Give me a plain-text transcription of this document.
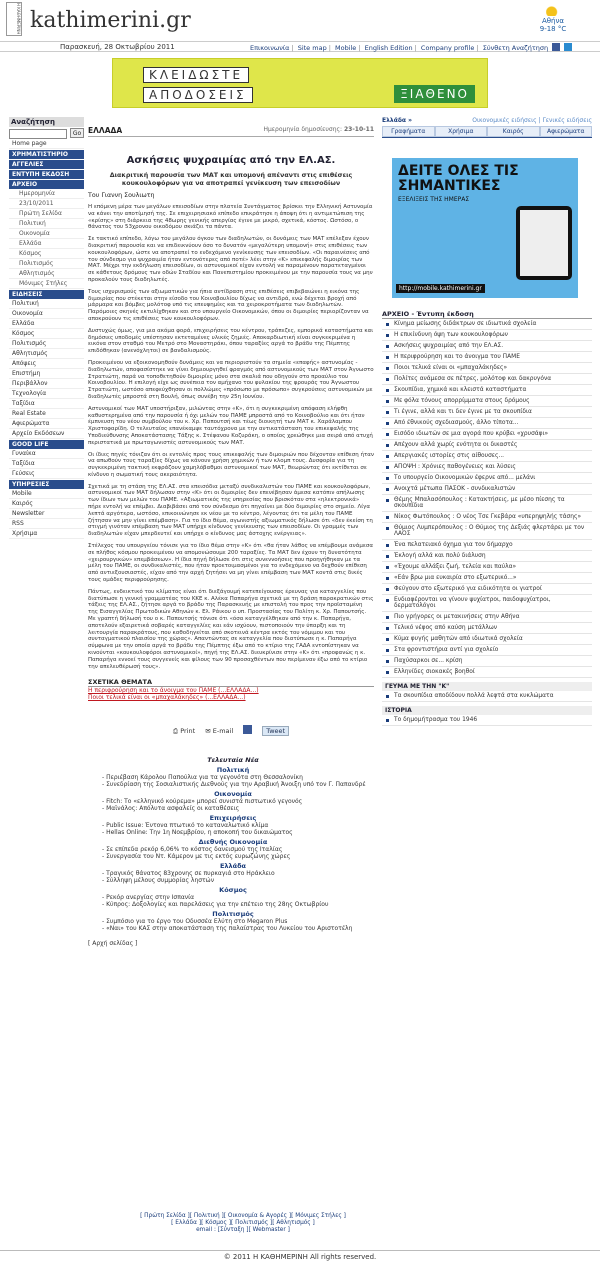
Η ΚΑΘΗΜΕΡΙΝΗ kathimerini.gr	Αθήνα
9-18 °C
Παρασκευή, 28 Οκτωβρίου 2011	Επικοινωνία | Site map | Mobile | English Edition | Company profile | Σύνθετη Αναζήτηση
ΚΛΕΙΔΩΣΤΕ
ΑΠΟΔΟΣΕΙΣ	ΞΙΑΘΕΝΟ
Αναζήτηση
Go
Home page
ΧΡΗΜΑΤΙΣΤΗΡΙΟ
ΑΓΓΕΛΙΕΣ
ΕΝΤΥΠΗ ΕΚΔΟΣΗ
ΑΡΧΕΙΟ
Ημερομηνία
23/10/2011
Πρώτη Σελίδα
Πολιτική
Οικονομία
Ελλάδα
Κόσμος
Πολιτισμός
Αθλητισμός
Μόνιμες Στήλες
ΕΙΔΗΣΕΙΣ
Πολιτική
Οικονομία
Ελλάδα
Κόσμος
Πολιτισμός
Αθλητισμός
Απόψεις
Επιστήμη
Περιβάλλον
Τεχνολογία
Ταξίδια
Real Estate
Αφιερώματα
Αρχείο Εκδόσεων
GOOD LIFE
Γυναίκα
Ταξίδια
Γεύσεις
ΥΠΗΡΕΣΙΕΣ
Mobile
Καιρός
Newsletter
RSS
Χρήσιμα
ΕΛΛΑΔΑ	Ημερομηνία δημοσίευσης: 23-10-11
Ασκήσεις ψυχραιμίας από την ΕΛ.ΑΣ.
Διακριτική παρουσία των ΜΑΤ και υπομονή απέναντι στις επιθέσεις κουκουλοφόρων για να αποτραπεί γενίκευση των επεισοδίων
Του Γιαννη Σουλιωτη

Η επόμενη μέρα των μεγάλων επεισοδίων στην πλατεία Συντάγματος βρίσκει την Ελληνική Αστυνομία να κάνει την αποτίμησή της. Σε επιχειρησιακό επίπεδο επικράτησε η άποψη ότι η αντιμετώπιση της «κρίσης» στη διάρκεια της 48ωρης γενικής απεργίας έγινε με μικρό, σχετικά, κόστος. Ωστόσο, ο θάνατος του 53χρονου οικοδόμου σκιάζει τα πάντα.

Σε τακτικό επίπεδο, λόγω του μεγάλου όγκου των διαδηλωτών, οι δυνάμεις των ΜΑΤ επέλεξαν έχουν διακριτική παρουσία και να επιδεικνύουν όσο το δυνατόν «μεγαλύτερη υπομονή» στις επιθέσεις των κουκουλοφόρων, ώστε να αποτραπεί το ενδεχόμενο γενίκευσης των επεισοδίων. «Οι παραινέσεις από τον σύνδεσμο για ψυχραιμία ήταν εντονότερες από ποτέ» λέει στην «Κ» επικεφαλής διμοιρίας των ΜΑΤ. Μέχρι την εκδήλωση επεισοδίων, οι αστυνομικοί είχαν εντολή να παραμένουν παρατεταγμένοι σε κάθετους δρόμους των οδών Σταδίου και Πανεπιστημίου προκειμένου με την παρουσία τους να μην προκαλούν τους διαδηλωτές.

Τους ισχυρισμούς των αξιωματικών για ήπια αντίδραση στις επιθέσεις επιβεβαιώνει η εικόνα της διμοιρίας που στέκεται στην είσοδο του Κοινοβουλίου δίχως να αντιδρά, ενώ δέχεται βροχή από μάρμαρα και βόμβες μολότοφ υπό τις επευφημίες και τα χειροκροτήματα των διαδηλωτών. Παρόμοιες σκηνές εκτυλίχθηκαν και στο υπουργείο Οικονομικών, όπου οι διμοιρίες περιορίζονταν να αποκρούουν τις επιθέσεις των κουκουλοφόρων.

Δυστυχώς όμως, για μια ακόμα φορά, επιχειρήσεις του κέντρου, τράπεζες, εμπορικά καταστήματα και δημόσιες υποδομές υπέστησαν εκτεταμένες υλικές ζημιές. Αποκαρδιωτική είναι συγκεκριμένα η εικόνα στον σταθμό του Μετρό στο Μοναστηράκι, όπου ταραξίες αργά το βράδυ της Πέμπτης επιδόθηκαν (ανενόχλητοι) σε βανδαλισμούς.

Προκειμένου να εξοικονομηθούν δυνάμεις και να περιοριστούν τα σημεία «επαφής» αστυνομίας - διαδηλωτών, αποφασίστηκε να γίνει δημιουργηθεί φραγμός από αστυνομικούς των ΜΑΤ στον Άγνωστο Στρατιώτη, παρά να τοποθετηθούν διμοιρίες μόνο στα σκαλιά που οδηγούν στο προαύλιο του Κοινοβουλίου. Η επιλογή είχε ως συνέπεια τον αμήχανο του φυλακίου της φρουράς του Άγνωστου Στρατιώτη, ωστόσο απεφεύχθησαν οι πολλώμες «πρόσωπο με πρόσωπο» συγκρούσεις αστυνομικών με διαδηλωτές μπροστά στη Βουλή, όπως συνέβη την 25η Ιουνίου.

Αστυνομικοί των ΜΑΤ υποστήριξαν, μιλώντας στην «Κ», ότι η συγκεκριμένη απόφαση ελήφθη καθυστερημένα από την παρουσία ή όχι μελών του ΠΑΜΕ μπροστά από το Κοινοβούλιο και ότι ήταν έμπνευση του νέου συμβούλου του κ. Χρ. Παπουτσή και τέως διοικητή των ΜΑΤ κ. Χαράλαμπου Χριστοφαρίδη. Ο τελευταίος επανέκαμψε ταυτόχρονα με την αντικατάσταση του επικεφαλής της Υποδιεύθυνσης Αποκατάστασης Τάξης κ. Στέφανου Κοζυράκη, ο οποίος χρεώθηκε μια σειρά από ατυχή περιστατικά με πρωταγωνιστές αστυνομικούς των ΜΑΤ.

Οι ίδιες πηγές τόνιζαν ότι οι εντολές προς τους επικεφαλής των διμοιριών που δέχονταν επίθεση ήταν να απωθούν τους ταραξίες δίχως να κάνουν χρήση χημικών ή των κλομπ τους. Δυσφορία για τη συγκεκριμένη τακτική εκφράζουν χαμηλόβαθμοι αστυνομικοί των ΜΑΤ, θεωρώντας ότι εκτίθεται σε κίνδυνο η σωματική τους ακεραιότητα.

Σχετικά με τη στάση της ΕΛ.ΑΣ. στα επεισόδια μεταξύ συνδικαλιστών του ΠΑΜΕ και κουκουλοφόρων, αστυνομικοί των ΜΑΤ δήλωσαν στην «Κ» ότι οι διμοιρίες δεν επενέβησαν άμεσα κατόπιν απήλωσης των ίδιων των μελών του ΠΑΜΕ. «Αξιωματικός της υπηρεσίας που βρισκόταν στα «ηλεκτρονικά» πήρε εντολή να επέμβει. Διαβιβάσει από τον σύνδεσμο ότι πηγαίνει με δύο διμοιρίες στο σημείο. Λίγα λεπτά αργότερα, ωστόσο, επικοινώνησε εκ νέου με το κέντρο, λέγοντας ότι τα μέλη του ΠΑΜΕ ζήτησαν να μην γίνει επέμβαση». Για το ίδιο θέμα, αγωνιστής αξιωματικός δήλωσε ότι «δεν έκείση τη στιγμή γινόταν επέμβαση των ΜΑΤ υπήρχε κίνδυνος γενίκευσης των επεισοδίων. Οι γραμμές των διαδηλωτών είχαν μπερδευτεί και υπήρχε ο κίνδυνος μας άστοχης ενέργειας».

Στέλεχος του υπουργείου τόνισε για το ίδιο θέμα στην «Κ» ότι «θα ήταν λάθος να επέμβουμε ανάμεσα σε πλήθος κόσμου προκειμένου να απομονώσουμε 200 ταραξίες. Τα ΜΑΤ δεν έχουν τη δυνατότητα «χειρουργικών» επεμβάσεων». Η ίδια πηγή δήλωσε ότι στις συνεννοήσεις που προηγήθηκαν με τα μέλη του ΠΑΜΕ, οι συνδικαλιστές, που ήταν προετοιμασμένοι για το ενδεχόμενο να δεχθούν επίθεση από αντιεξουσιαστές, είχαν από την αρχή ζητήσει να μη γίνει επέμβαση των ΜΑΤ κοντά στις δικές τους ομάδες περιφρούρησης.

Πάντως, ενδεικτικό του κλίματος είναι ότι διεξάγουμή κατεπείγουσας έρευνας για καταγγελίες που διατύπωσε η γενική γραμματέας του ΚΚΕ κ. Αλέκα Παπαρήγα σχετικά με τη δράση παρακρατικών στις τάξεις της ΕΛ.ΑΣ., ζήτησε αργά το βράδυ της Παρασκευής με επιστολή του προς την προϊσταμένη της Εισαγγελίας Πρωτοδικών Αθηνών κ. Ελ. Ράικου ο υπ. Προστασίας του Πολίτη κ. Χρ. Παπουτσής. Με γραπτή δήλωσή του ο κ. Παπουτσής τόνισε ότι «όσα καταγγέλθηκαν από την κ. Παπαρήγα, αποτελούν εξαιρετικά σοβαρές καταγγελίες και εάν ισχύουν, πιστοποιούν την ύπαρξη και τη λειτουργία παρακράτους, που καθοδηγείται από σκοτεινά κέντρα εκτός του νόμιμου και του συνταγματικού πλαισίου της χώρας». Απαντώντας σε καταγγελία που διατύπωσε η κ. Παπαρήγα σύμφωνα με την οποία αργά το βράδυ της Πέμπτης έξω από το κτίριο της ΓΑΔΑ εντοπίστηκαν να κινούνται «κουκουλοφόροι αστυνομικοί», πηγή της ΕΛ.ΑΣ. διευκρίνισε στην «Κ» ότι «προφανώς η κ. Παπαρήγα εννοεί τους συγγενείς και φίλους των 90 προσαχθέντων που περίμεναν έξω από το κτίριο την απελευθέρωσή τους».

ΣΧΕΤΙΚΑ ΘΕΜΑΤΑ
Η περιφρούρηση και το άνοιγμα του ΠΑΜΕ (...ΕΛΛΑΔΑ...)
Ποιοι τελικά είναι οι «μπαχαλάκηδες» (...ΕΛΛΑΔΑ...)
⎙ Print ✉ E-mail	Tweet
Τελευταία Νέα
Πολιτική
- Περιέβαση Κάρολου Παπούλια για τα γεγονότα στη Θεσσαλονίκη
- Συνεδρίαση της Σοσιαλιστικής Διεθνούς για την Αραβική Άνοιξη υπό τον Γ. Παπανδρέ
Οικονομία
- Fitch: Το «ελληνικό κούρεμα» μπορεί συνιστά πιστωτικό γεγονός
- Μαϊνάλος: Απόλυτα ασφαλείς οι καταθέσεις
Επιχειρήσεις
- Public Issue: Έντονα πτωτικό το καταναλωτικό κλίμα
- Hellas Online: Την 1η Νοεμβρίου, η αποκοπή του δικαιώματος
Διεθνής Οικονομία
- Σε επίπεδα ρεκόρ 6,06% το κόστος δανεισμού της Ιταλίας
- Συνεργασία του Ντ. Κάμερον με τις εκτός ευρωζώνης χώρες
Ελλάδα
- Τραγικός θάνατος 83χρονης σε πυρκαγιά στο Ηράκλειο
- Σύλληψη μέλους συμμορίας ληστών
Κόσμος
- Ρεκόρ ανεργίας στην Ισπανία
- Κύπρος: Δοξολογίες και παρελάσεις για την επέτειο της 28ης Οκτωβρίου
Πολιτισμός
- Συμπόσιο για το έργο του Οδυσσέα Ελύτη στο Megaron Plus
- «Ναι» του ΚΑΣ στην αποκατάσταση της παλαίστρας του Λυκείου του Αριστοτέλη
[ Αρχή σελίδας ]
[ Πρώτη Σελίδα ][ Πολιτική ][ Οικονομία & Αγορές ][ Μόνιμες Στήλες ]
[ Ελλάδα ][ Κόσμος ][ Πολιτισμός ][ Αθλητισμός ]
email : [Σύνταξη ][ Webmaster ]
© 2011 Η ΚΑΘΗΜΕΡΙΝΗ All rights reserved.
Ελλάδα »	Οικονομικές ειδήσεις | Γενικές ειδήσεις
Γραφήματα	Χρήσιμα	Καιρός	Αφιερώματα
ΔΕΙΤΕ ΟΛΕΣ ΤΙΣ ΣΗΜΑΝΤΙΚΕΣ
ΕΞΕΛΙΞΕΙΣ ΤΗΣ ΗΜΕΡΑΣ
http://mobile.kathimerini.gr
ΑΡΧΕΙΟ - Έντυπη έκδοση
Κίνημα μείωσης διδάκτρων σε ιδιωτικά σχολεία
Η επικίνδυνη όψη των κουκουλοφόρων
Ασκήσεις ψυχραιμίας από την ΕΛ.ΑΣ.
Η περιφρούρηση και το άνοιγμα του ΠΑΜΕ
Ποιοι τελικά είναι οι «μπαχαλάκηδες»
Πολίτες ανάμεσα σε πέτρες, μολότοφ και δακρυγόνα
Σκουπίδια, χημικά και κλειστά καταστήματα
Με φόλα τόνους απορρίμματα στους δρόμους
Τι έγινε, αλλά και τι δεν έγινε με τα σκουπίδια
Από έθνικούς σχεδιασμούς, άλλο τίποτα...
Εισόδο ιδιωτών σε μια αγορά που κρύβει «χρυσάφι»
Απέχουν αλλά χωρίς ενότητα οι δικαστές
Απεργιακές ιστορίες στις αίθουσες...
ΑΠΟΨΗ : Χρόνιες παθογένειες και λύσεις
Το υπουργείο Οικονομικών έφερνε από... μελάνι
Ανοιχτά μέτωπα ΠΑΣΟΚ - συνδικαλιστών
Θέμης Μπαλασόπουλος : Κατακτήσεις, με μέσο πίεσης τα σκουπίδια
Νίκος Φωτόπουλος : Ο νέος Τσε Γκεβάρα «υπερηψηλής τάσης»
Θύμιος Λυμπερόπουλος : Ο Θύμιος της Δεξιάς φλερτάρει με τον ΛΑΟΣ
Ένα πελατειακό όχημα για τον δήμαρχο
Έκλογή αλλά και πολύ διάλυση
«Έχουμε αλλάξει ζωή, τελεία και παύλα»
«Εάν βρω μια ευκαιρία στο εξωτερικό...»
Φεύγουν στο εξωτερικό για ειδικότητα οι γιατροί
Ενδιαφέρονται να γίνουν ψυχίατροι, παιδοψυχίατροι, δερματολόγοι
Πιο γρήγορες οι μετακινήσεις στην Αθήνα
Τελικό νέφος από καύση μετάλλων
Κύμα φυγής μαθητών από ιδιωτικά σχολεία
Στα φροντιστήρια αντί για σχολείο
Παχύσαρκοι σε... κρίση
Ελληνίδες σιοκακές βοηθοί
ΓΕΥΜΑ ΜΕ ΤΗΝ "Κ"
Τα σκουπίδια αποδίδουν πολλά λεφτά στα κυκλώματα
ΙΣΤΟΡΙΑ
Το δημομήτρασμα του 1946
